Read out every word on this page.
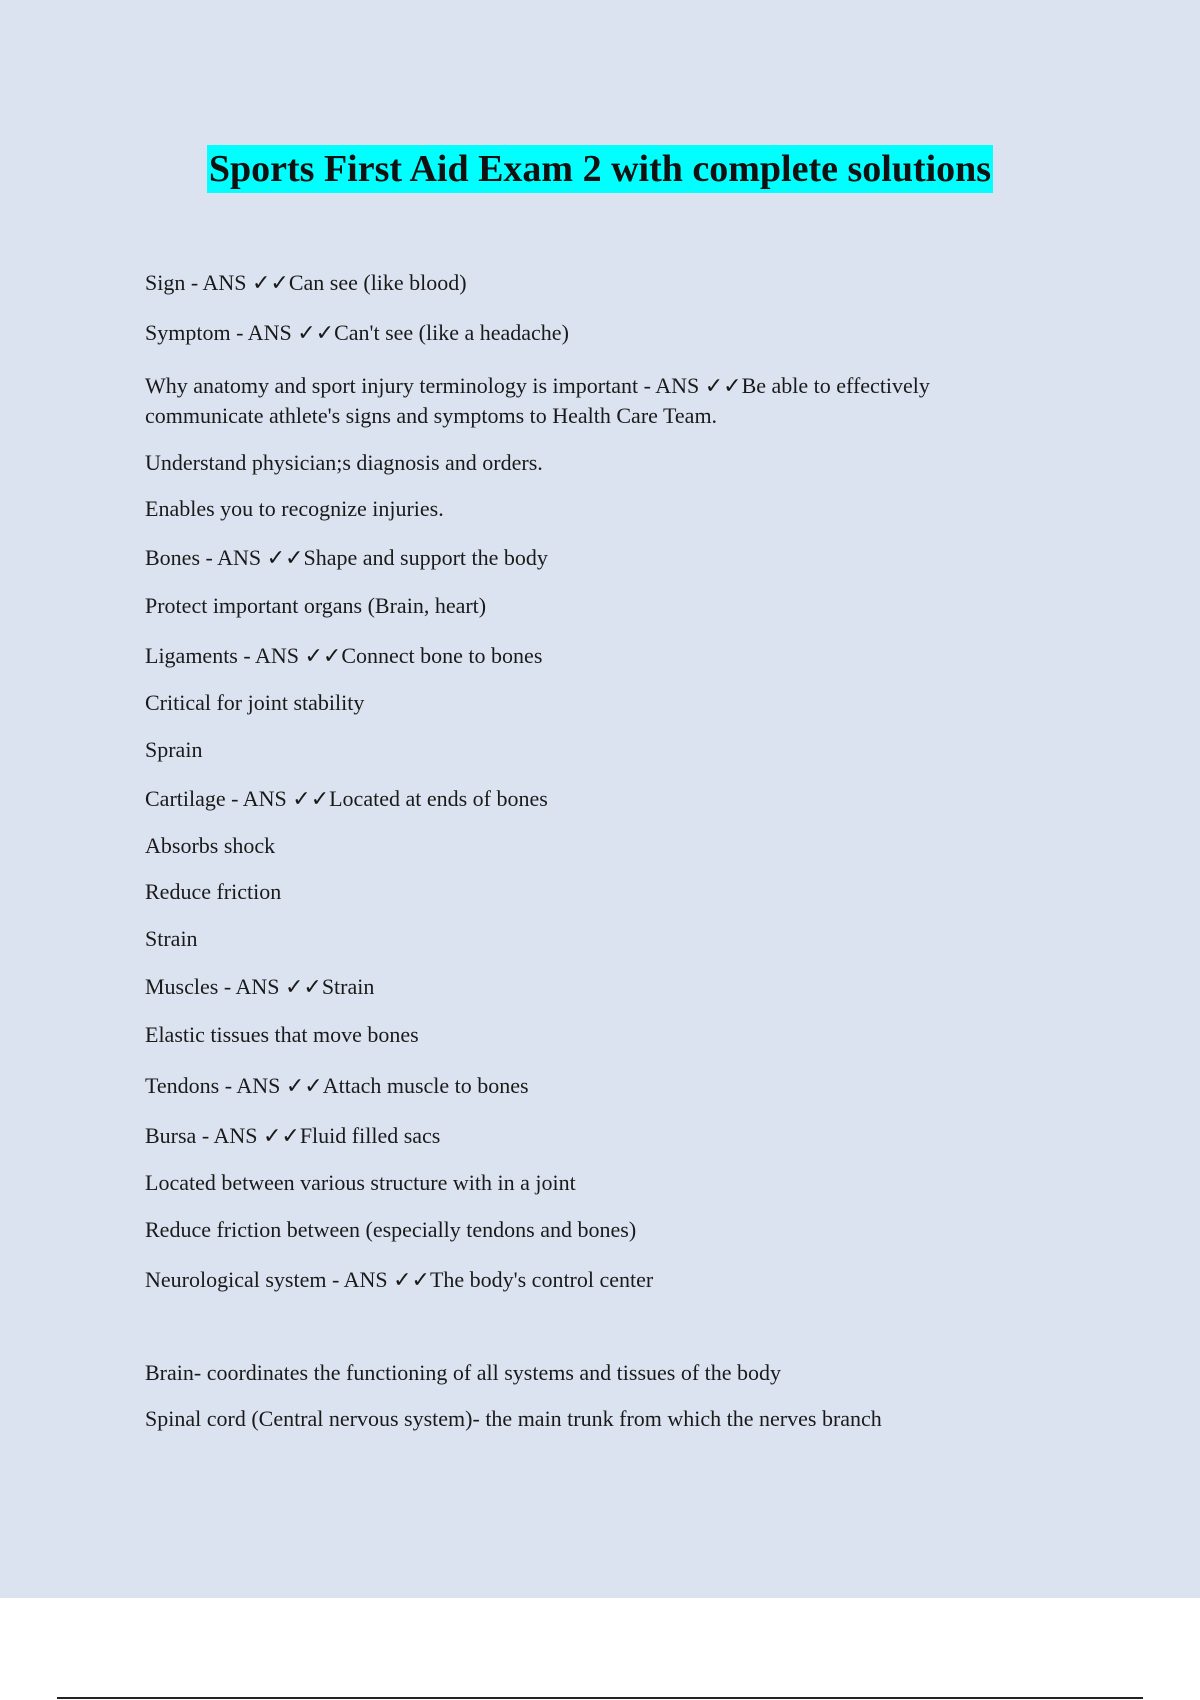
Sports First Aid Exam 2 with complete solutions
Sign - ANS ✓✓Can see (like blood)
Symptom - ANS ✓✓Can't see (like a headache)
Why anatomy and sport injury terminology is important - ANS ✓✓Be able to effectively communicate athlete's signs and symptoms to Health Care Team.
Understand physician;s diagnosis and orders.
Enables you to recognize injuries.
Bones - ANS ✓✓Shape and support the body
Protect important organs (Brain, heart)
Ligaments - ANS ✓✓Connect bone to bones
Critical for joint stability
Sprain
Cartilage - ANS ✓✓Located at ends of bones
Absorbs shock
Reduce friction
Strain
Muscles - ANS ✓✓Strain
Elastic tissues that move bones
Tendons - ANS ✓✓Attach muscle to bones
Bursa - ANS ✓✓Fluid filled sacs
Located between various structure with in a joint
Reduce friction between (especially tendons and bones)
Neurological system - ANS ✓✓The body's control center
Brain- coordinates the functioning of all systems and tissues of the body
Spinal cord (Central nervous system)- the main trunk from which the nerves branch
